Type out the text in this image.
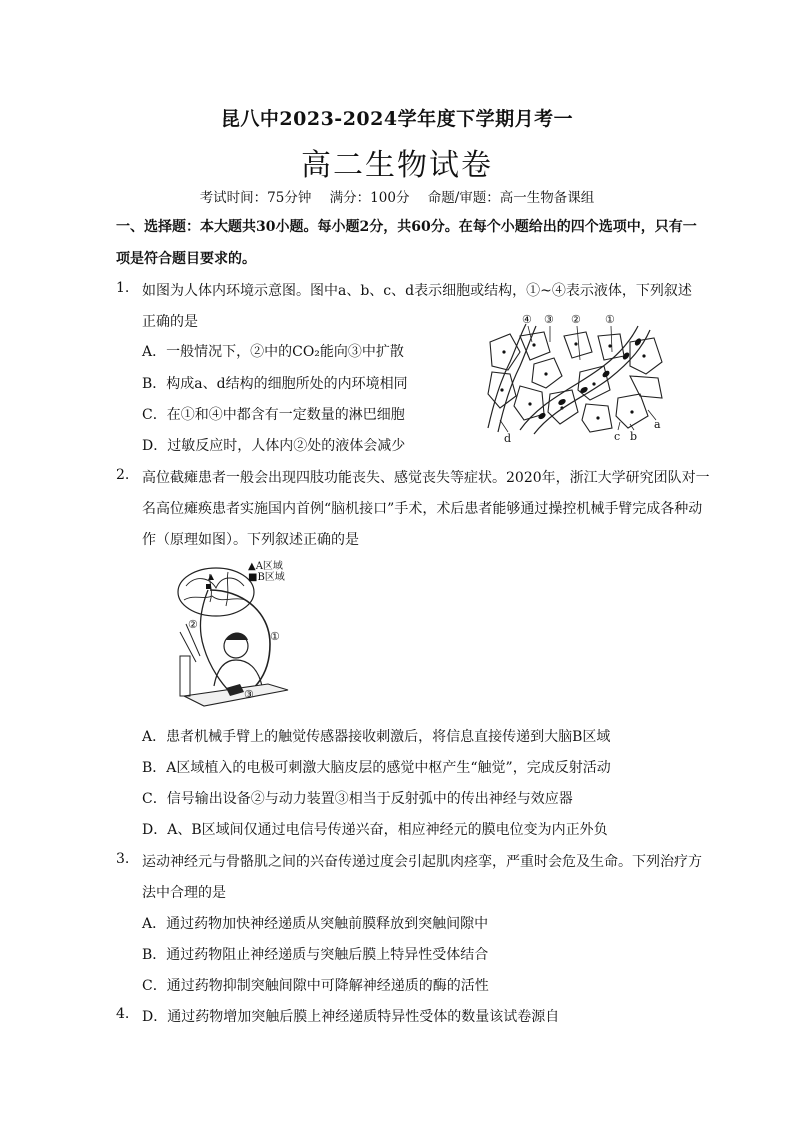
昆八中2023-2024学年度下学期月考一
高二生物试卷
考试时间：75分钟 满分：100分 命题/审题：高一生物备课组
一、选择题：本大题共30小题。每小题2分，共60分。在每个小题给出的四个选项中，只有一
项是符合题目要求的。
1. 如图为人体内环境示意图。图中a、b、c、d表示细胞或结构，①~④表示液体，下列叙述
正确的是
A．一般情况下，②中的CO₂能向③中扩散
B．构成a、d结构的细胞所处的内环境相同
C．在①和④中都含有一定数量的淋巴细胞
D．过敏反应时，人体内②处的液体会减少
④ ③ ② ①
a
b
c
d
2. 高位截瘫患者一般会出现四肢功能丧失、感觉丧失等症状。2020年，浙江大学研究团队对一
名高位瘫痪患者实施国内首例“脑机接口”手术，术后患者能够通过操控机械手臂完成各种动
作（原理如图）。下列叙述正确的是
▲A区域
■B区域
①
②
③
A．患者机械手臂上的触觉传感器接收刺激后，将信息直接传递到大脑B区域
B．A区域植入的电极可刺激大脑皮层的感觉中枢产生“触觉”，完成反射活动
C．信号输出设备②与动力装置③相当于反射弧中的传出神经与效应器
D．A、B区域间仅通过电信号传递兴奋，相应神经元的膜电位变为内正外负
3. 运动神经元与骨骼肌之间的兴奋传递过度会引起肌肉痉挛，严重时会危及生命。下列治疗方
法中合理的是
A．通过药物加快神经递质从突触前膜释放到突触间隙中
B．通过药物阻止神经递质与突触后膜上特异性受体结合
C．通过药物抑制突触间隙中可降解神经递质的酶的活性
4. D．通过药物增加突触后膜上神经递质特异性受体的数量该试卷源自
